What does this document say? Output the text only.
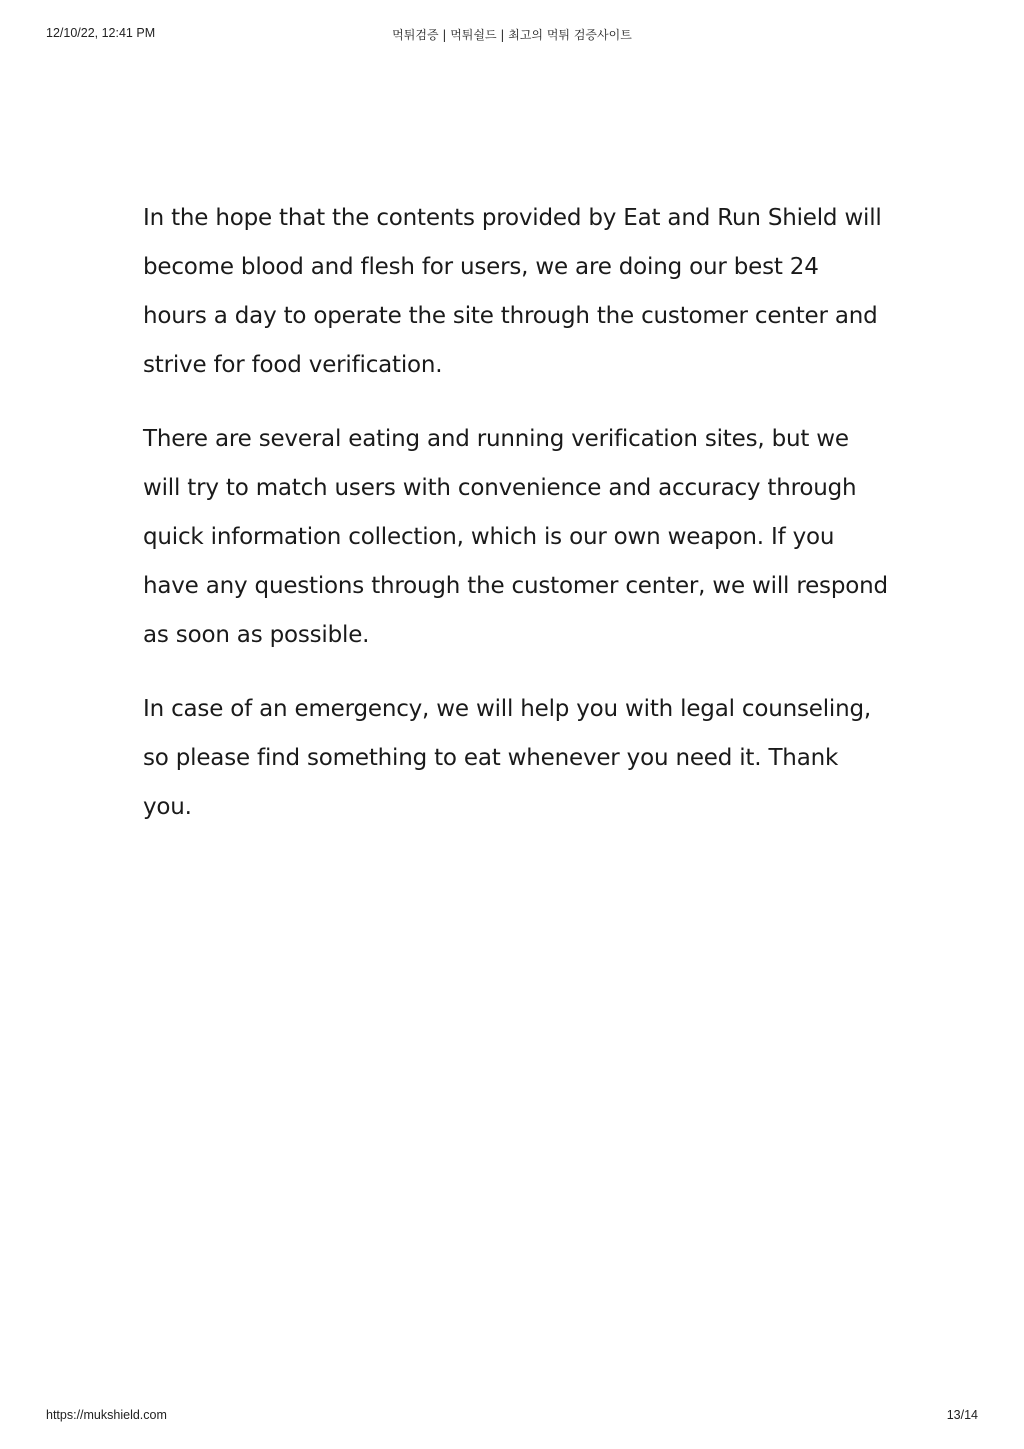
12/10/22, 12:41 PM	먹튀검증 | 먹튀쉴드 | 최고의 먹튀 검증사이트

In the hope that the contents provided by Eat and Run Shield will become blood and flesh for users, we are doing our best 24 hours a day to operate the site through the customer center and strive for food verification.

There are several eating and running verification sites, but we will try to match users with convenience and accuracy through quick information collection, which is our own weapon. If you have any questions through the customer center, we will respond as soon as possible.

In case of an emergency, we will help you with legal counseling, so please find something to eat whenever you need it. Thank you.

https://mukshield.com	13/14
